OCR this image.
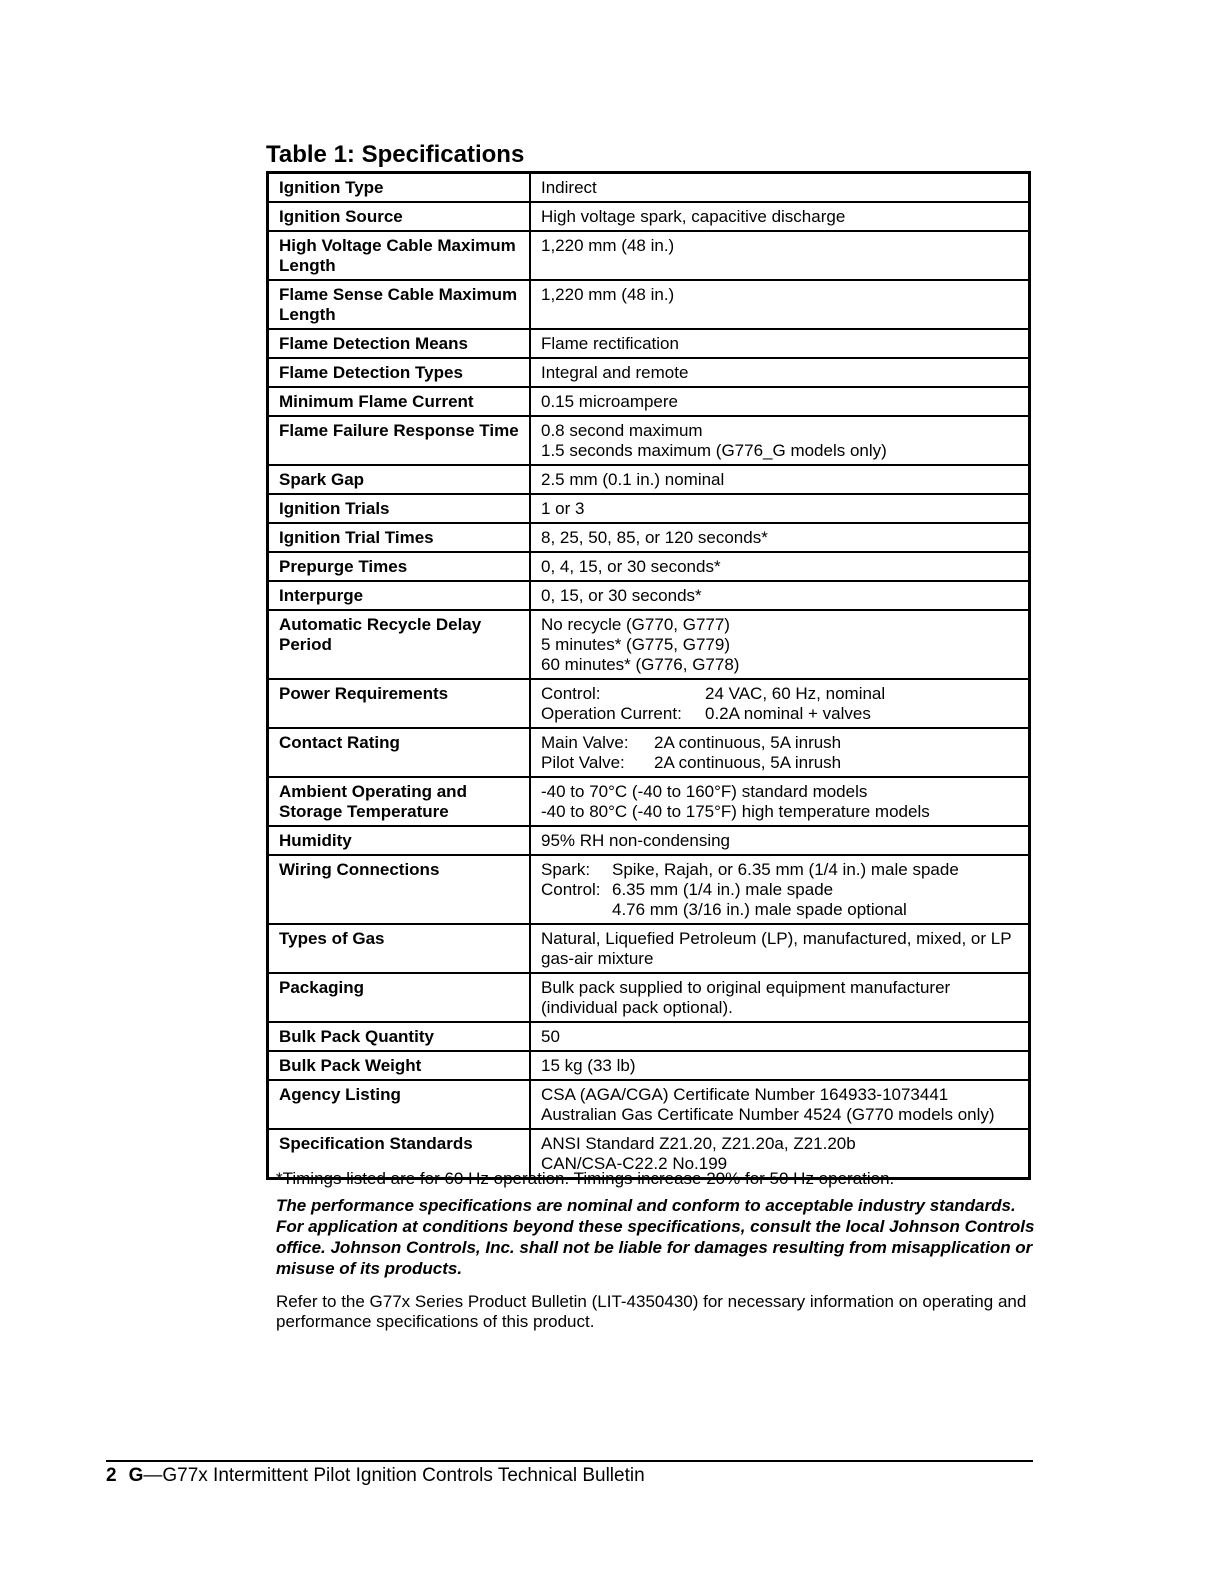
Table 1: Specifications
Ignition Type	Indirect

Ignition Source	High voltage spark, capacitive discharge

High Voltage Cable Maximum Length	1,220 mm (48 in.)

Flame Sense Cable Maximum Length	1,220 mm (48 in.)

Flame Detection Means	Flame rectification

Flame Detection Types	Integral and remote

Minimum Flame Current	0.15 microampere

Flame Failure Response Time	0.8 second maximum
1.5 seconds maximum (G776_G models only)

Spark Gap	2.5 mm (0.1 in.) nominal

Ignition Trials	1 or 3

Ignition Trial Times	8, 25, 50, 85, or 120 seconds*

Prepurge Times	0, 4, 15, or 30 seconds*

Interpurge	0, 15, or 30 seconds*

Automatic Recycle Delay Period	No recycle (G770, G777)
5 minutes* (G775, G779)
60 minutes* (G776, G778)

Power Requirements	Control: 24 VAC, 60 Hz, nominal
Operation Current: 0.2A nominal + valves

Contact Rating	Main Valve: 2A continuous, 5A inrush
Pilot Valve: 2A continuous, 5A inrush

Ambient Operating and Storage Temperature	-40 to 70°C (-40 to 160°F) standard models
-40 to 80°C (-40 to 175°F) high temperature models

Humidity	95% RH non-condensing

Wiring Connections	Spark: Spike, Rajah, or 6.35 mm (1/4 in.) male spade
Control: 6.35 mm (1/4 in.) male spade
4.76 mm (3/16 in.) male spade optional

Types of Gas	Natural, Liquefied Petroleum (LP), manufactured, mixed, or LP gas-air mixture

Packaging	Bulk pack supplied to original equipment manufacturer (individual pack optional).

Bulk Pack Quantity	50

Bulk Pack Weight	15 kg (33 lb)

Agency Listing	CSA (AGA/CGA) Certificate Number 164933-1073441
Australian Gas Certificate Number 4524 (G770 models only)

Specification Standards	ANSI Standard Z21.20, Z21.20a, Z21.20b
CAN/CSA-C22.2 No.199

*Timings listed are for 60 Hz operation. Timings increase 20% for 50 Hz operation.

The performance specifications are nominal and conform to acceptable industry standards. For application at conditions beyond these specifications, consult the local Johnson Controls office. Johnson Controls, Inc. shall not be liable for damages resulting from misapplication or misuse of its products.

Refer to the G77x Series Product Bulletin (LIT-4350430) for necessary information on operating and performance specifications of this product.

2 G—G77x Intermittent Pilot Ignition Controls Technical Bulletin
